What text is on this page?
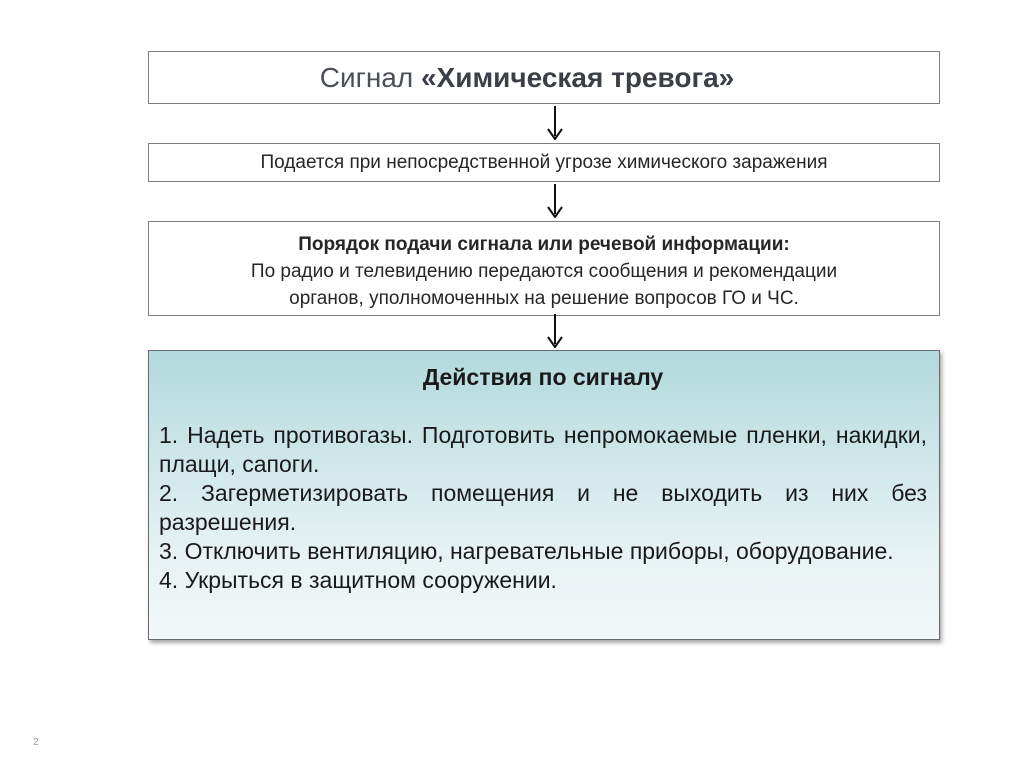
Сигнал «Химическая тревога»
Подается при непосредственной угрозе химического заражения
Порядок подачи сигнала или речевой информации:
По радио и телевидению передаются сообщения и рекомендации
органов, уполномоченных на решение вопросов ГО и ЧС.
Действия по сигналу
1. Надеть противогазы. Подготовить непромокаемые пленки, накидки, плащи, сапоги.
2. Загерметизировать помещения и не выходить из них без разрешения.
3. Отключить вентиляцию, нагревательные приборы, оборудование.
4. Укрыться в защитном сооружении.
2
